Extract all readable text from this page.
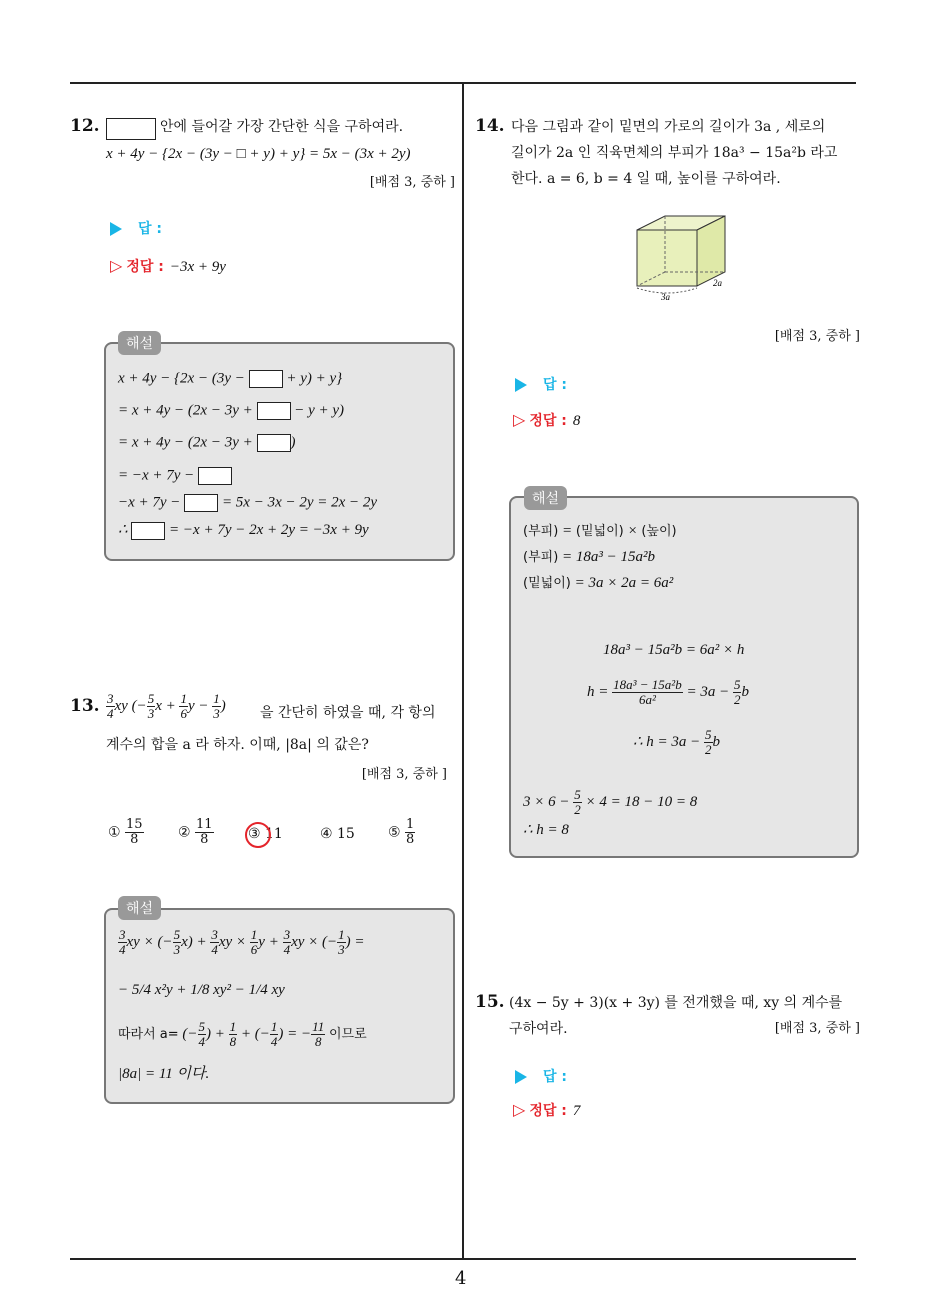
4
12.	안에 들어갈 가장 간단한 식을 구하여라.
x + 4y − {2x − (3y − □ + y) + y} = 5x − (3x + 2y)
[배점 3, 중하 ]
답 :
▷ 정답 : −3x + 9y
x + 4y − {2x − (3y −  + y) + y}
= x + 4y − (2x − 3y +  − y + y)
= x + 4y − (2x − 3y + )
= −x + 7y −
−x + 7y −  = 5x − 3x − 2y = 2x − 2y
∴  = −x + 7y − 2x + 2y = −3x + 9y
해설
13. $\frac{3}{4}$ xy (− $\frac{5}{3}$ $x + \frac{1}{6}$ $y - \frac{1}{3}$ ) 을 간단히 하였을 때, 각 항의
계수의 합을 a 라 하자. 이때, |8a| 의 값은?
[배점 3, 중하 ]
① $\frac{15}{8}$ ② $\frac{11}{8}$ ③ 11	④ 15 ⑤ $\frac{1}{8}$
$\frac{3}{4}$ xy × (− $\frac{5}{3} x) + \frac{3}{4}$ xy × $\frac{1}{6}$ $y + \frac{3}{4}$ xy × (− $\frac{1}{3}$ ) =
− 5/4 x²y + 1/8 xy² − 1/4 xy
따라서 a= (− $\frac{5}{4}$ ) + $\frac{1}{8}$ + (− $\frac{1}{4}$ ) = − $\frac{11}{8}$ 이므로
|8a| = 11 이다.
해설
14. 다음 그림과 같이 밑면의 가로의 길이가 3a , 세로의
길이가 2a 인 직육면체의 부피가 18a³ − 15a²b 라고
한다. a = 6, b = 4 일 때, 높이를 구하여라.
3a
2a
[배점 3, 중하 ]
답 :
▷ 정답 : 8
(부피) = (밑넓이) × (높이)
(부피) = 18a³ − 15a²b
(밑넓이) = 3a × 2a = 6a²
18a³ − 15a²b = 6a² × h
$h = \frac{\text{18a³ − 15a²b}}{\text{6a²}} = 3a - \frac{5}{2}$ b
∴ $h = 3a - \frac{5}{2}$ b
$3 \times 6 - \frac{5}{2} \times 4 = 18 - 10 = 8$
∴ h = 8
해설
15. (4x − 5y + 3)(x + 3y) 를 전개했을 때, xy 의 계수를
구하여라.	[배점 3, 중하 ]
답 :
▷ 정답 : 7
